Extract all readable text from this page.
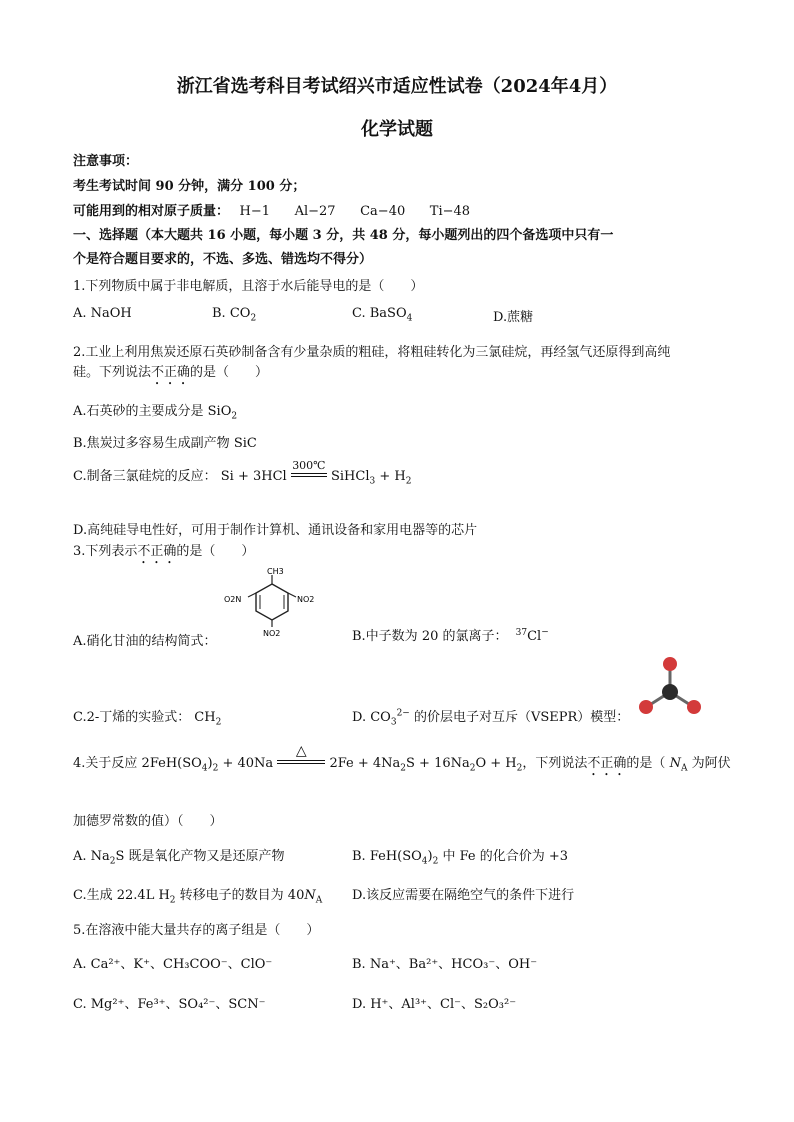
浙江省选考科目考试绍兴市适应性试卷（2024年4月）
化学试题
注意事项：
考生考试时间 90 分钟，满分 100 分；
可能用到的相对原子质量： H−1 Al−27 Ca−40 Ti−48
一、选择题（本大题共 16 小题，每小题 3 分，共 48 分，每小题列出的四个备选项中只有一
个是符合题目要求的，不选、多选、错选均不得分）
1.下列物质中属于非电解质，且溶于水后能导电的是（　　）
A. NaOH	B. $CO_2$	C. BaSO$_4$	D.蔗糖
2.工业上利用焦炭还原石英砂制备含有少量杂质的粗硅，将粗硅转化为三氯硅烷，再经氢气还原得到高纯
硅。下列说法不正确的是（　　）
A.石英砂的主要成分是 SiO$_2$
B.焦炭过多容易生成副产物 SiC
C.制备三氯硅烷的反应： Si + 3HCl
300℃
SiHCl$_3$ + $H_2$
D.高纯硅导电性好，可用于制作计算机、通讯设备和家用电器等的芯片
3.下列表示不正确的是（　　）
CH3
O2N	NO2
NO2
A.硝化甘油的结构简式：	B.中子数为 20 的氯离子： $^{37}$Cl−
C.2-丁烯的实验式： $CH_2$	D. $CO_3^{2-}$ 的价层电子对互斥（VSEPR）模型：
4.关于反应 $2FeH(SO_4)_2 + 40Na$
△
$2Fe + 4Na_2S + 16Na_2O + H_2$，下列说法不正确的是（ $N_A$ 为阿伏
加德罗常数的值）（　　）
A. $Na_2S$ 既是氧化产物又是还原产物	B. $FeH(SO_4)_2$ 中 Fe 的化合价为 +3
C.生成 22.4L $H_2$ 转移电子的数目为 $40N_A$ D.该反应需要在隔绝空气的条件下进行
5.在溶液中能大量共存的离子组是（　　）
A. Ca²⁺、K⁺、CH₃COO⁻、ClO⁻	B. Na⁺、Ba²⁺、HCO₃⁻、OH⁻
C. Mg²⁺、Fe³⁺、SO₄²⁻、SCN⁻	D. H⁺、Al³⁺、Cl⁻、S₂O₃²⁻
